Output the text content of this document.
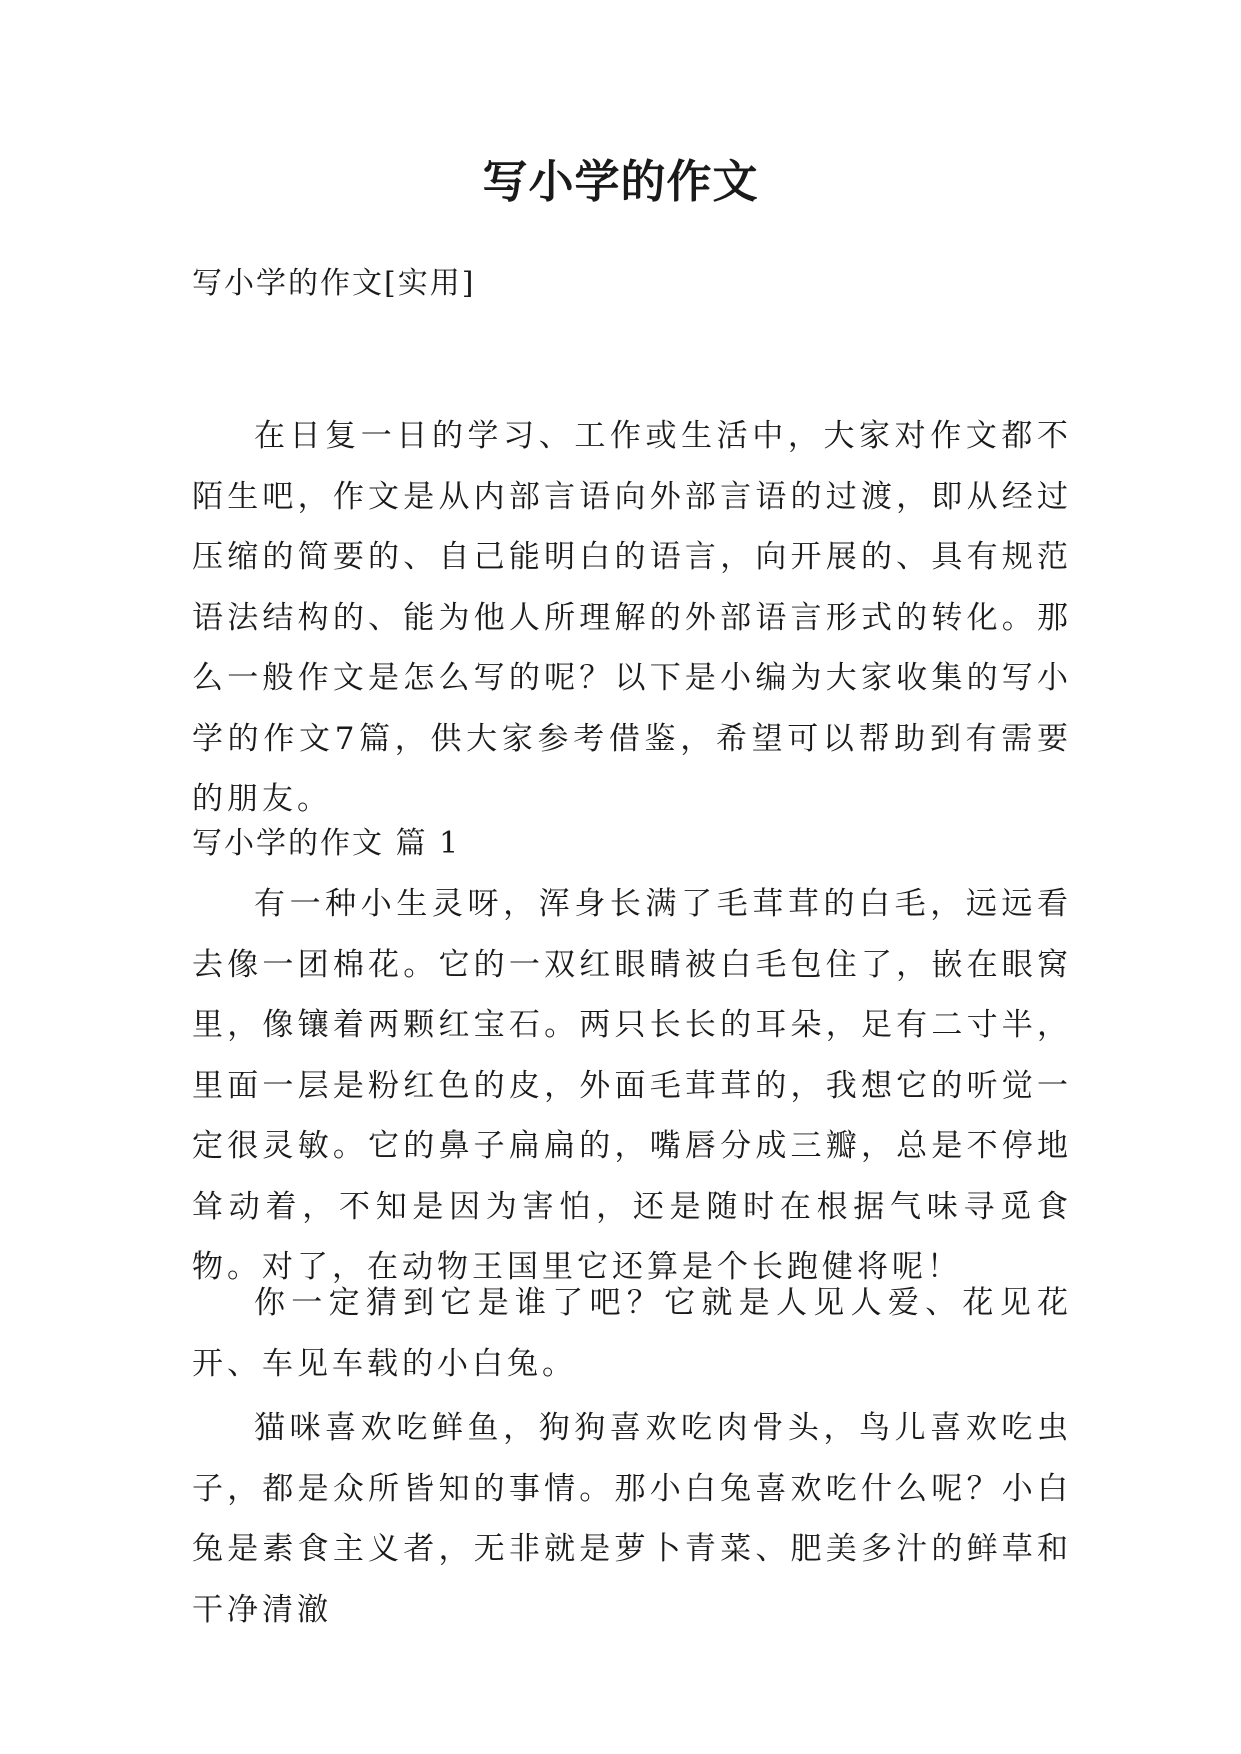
写小学的作文
写小学的作文[实用]

在日复一日的学习、工作或生活中，大家对作文都不陌生吧，作文是从内部言语向外部言语的过渡，即从经过压缩的简要的、自己能明白的语言，向开展的、具有规范语法结构的、能为他人所理解的外部语言形式的转化。那么一般作文是怎么写的呢？以下是小编为大家收集的写小学的作文7篇，供大家参考借鉴，希望可以帮助到有需要的朋友。

写小学的作文 篇 1

有一种小生灵呀，浑身长满了毛茸茸的白毛，远远看去像一团棉花。它的一双红眼睛被白毛包住了，嵌在眼窝里，像镶着两颗红宝石。两只长长的耳朵，足有二寸半，里面一层是粉红色的皮，外面毛茸茸的，我想它的听觉一定很灵敏。它的鼻子扁扁的，嘴唇分成三瓣，总是不停地耸动着，不知是因为害怕，还是随时在根据气味寻觅食物。对了，在动物王国里它还算是个长跑健将呢！

你一定猜到它是谁了吧？它就是人见人爱、花见花开、车见车载的小白兔。

猫咪喜欢吃鲜鱼，狗狗喜欢吃肉骨头，鸟儿喜欢吃虫子，都是众所皆知的事情。那小白兔喜欢吃什么呢？小白兔是素食主义者，无非就是萝卜青菜、肥美多汁的鲜草和干净清澈
